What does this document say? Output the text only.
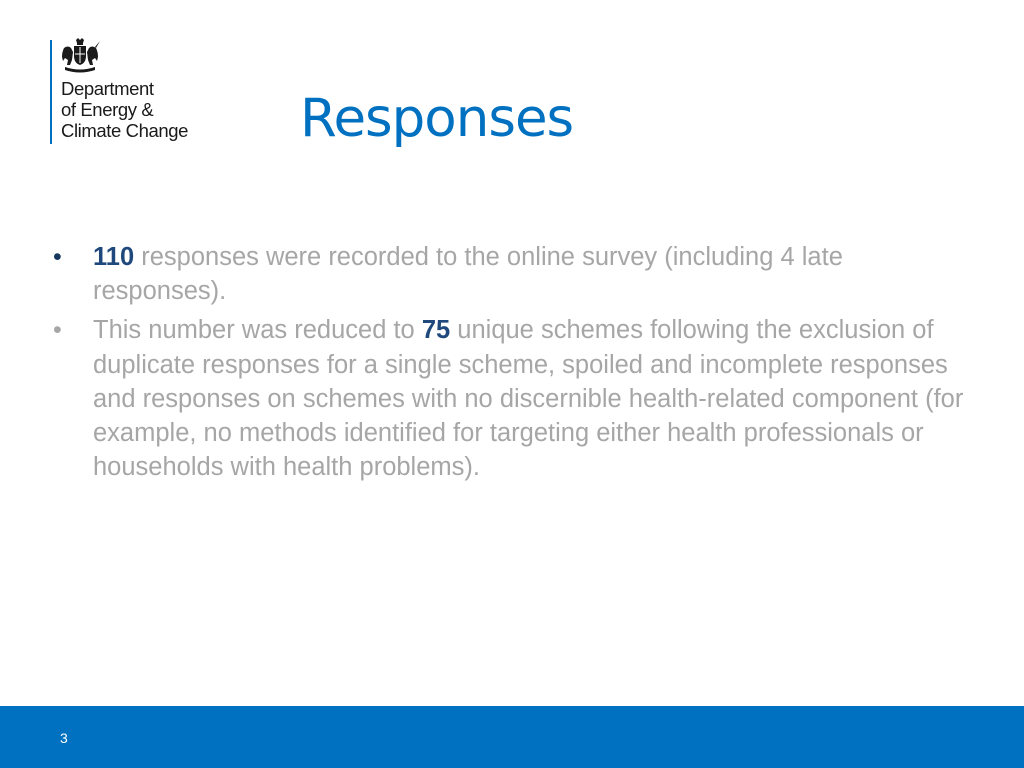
Department
of Energy &
Climate Change Responses
• 110 responses were recorded to the online survey (including 4 late responses).
• This number was reduced to 75 unique schemes following the exclusion of duplicate responses for a single scheme, spoiled and incomplete responses and responses on schemes with no discernible health-related component (for example, no methods identified for targeting either health professionals or households with health problems).
3
